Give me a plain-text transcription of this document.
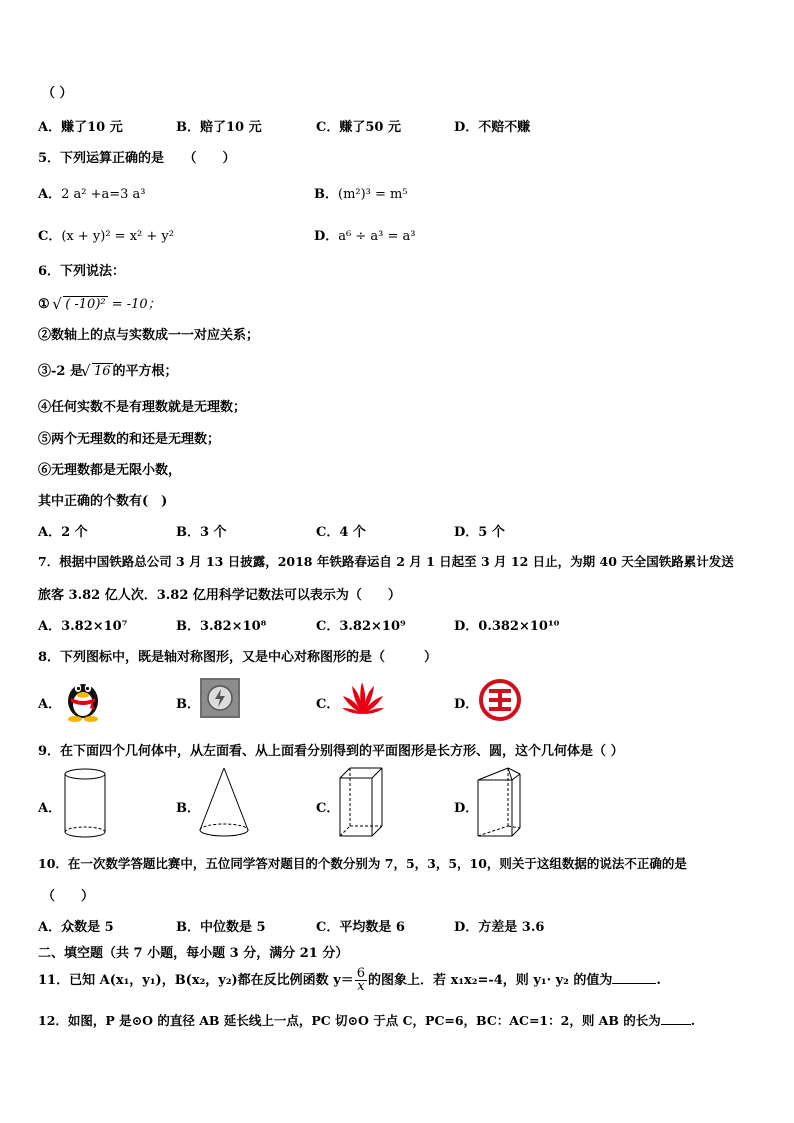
（ ）
A．赚了10 元	B．赔了10 元	C．赚了50 元	D．不赔不赚
5．下列运算正确的是　　（　　）
A．2 a² +a=3 a³	B．(m²)³ = m⁵
C．(x + y)² = x² + y²	D．a⁶ ÷ a³ = a³
6．下列说法：
① √ ( -10)² = -10；
②数轴上的点与实数成一一对应关系；
③-2 是 √ 16 的平方根；
④任何实数不是有理数就是无理数；
⑤两个无理数的和还是无理数；
⑥无理数都是无限小数，
其中正确的个数有(　)
A．2 个	B．3 个	C．4 个	D．5 个
7．根据中国铁路总公司 3 月 13 日披露，2018 年铁路春运自 2 月 1 日起至 3 月 12 日止，为期 40 天全国铁路累计发送
旅客 3.82 亿人次．3.82 亿用科学记数法可以表示为（　　）
A．3.82×10⁷	B．3.82×10⁸	C．3.82×10⁹	D．0.382×10¹⁰
8．下列图标中，既是轴对称图形，又是中心对称图形的是（　　　）
A．	B．	C．	D．
9．在下面四个几何体中，从左面看、从上面看分别得到的平面图形是长方形、圆，这个几何体是（ ）
A．	B．	C．	D．
10．在一次数学答题比赛中，五位同学答对题目的个数分别为 7，5，3，5，10，则关于这组数据的说法不正确的是
（　　）
A．众数是 5	B．中位数是 5	C．平均数是 6	D．方差是 3.6
二、填空题（共 7 小题，每小题 3 分，满分 21 分）
11．已知 A(x₁，y₁)，B(x₂，y₂)都在反比例函数 $y= \frac{6}{x}$ 的图象上．若 x₁x₂=-4，则 y₁· y₂ 的值为	.
12．如图，P 是⊙O 的直径 AB 延长线上一点，PC 切⊙O 于点 C，PC=6，BC：AC=1：2，则 AB 的长为 .
